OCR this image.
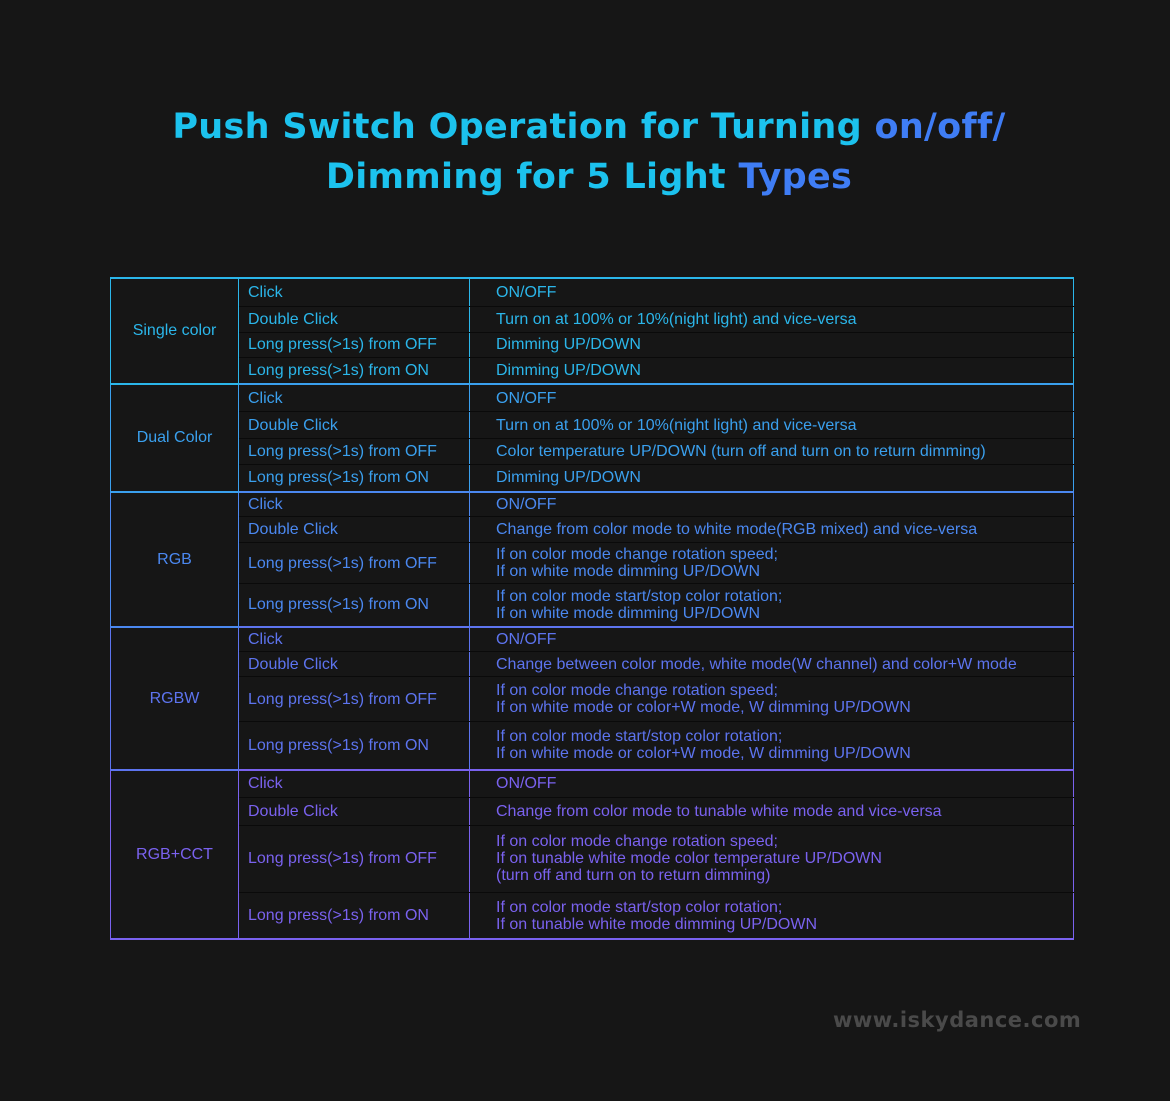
Push Switch Operation for Turning on/off/
Dimming for 5 Light Types
Single color	Click	ON/OFF

	Double Click	Turn on at 100% or 10%(night light) and vice-versa

	Long press(>1s) from OFF	Dimming UP/DOWN

	Long press(>1s) from ON	Dimming UP/DOWN

Dual Color	Click	ON/OFF

	Double Click	Turn on at 100% or 10%(night light) and vice-versa

	Long press(>1s) from OFF	Color temperature UP/DOWN (turn off and turn on to return dimming)

	Long press(>1s) from ON	Dimming UP/DOWN

RGB	Click	ON/OFF

	Double Click	Change from color mode to white mode(RGB mixed) and vice-versa

	Long press(>1s) from OFF	If on color mode change rotation speed;
If on white mode dimming UP/DOWN

	Long press(>1s) from ON	If on color mode start/stop color rotation;
If on white mode dimming UP/DOWN

RGBW	Click	ON/OFF

	Double Click	Change between color mode, white mode(W channel) and color+W mode

	Long press(>1s) from OFF	If on color mode change rotation speed;
If on white mode or color+W mode, W dimming UP/DOWN

	Long press(>1s) from ON	If on color mode start/stop color rotation;
If on white mode or color+W mode, W dimming UP/DOWN

RGB+CCT	Click	ON/OFF

	Double Click	Change from color mode to tunable white mode and vice-versa

	Long press(>1s) from OFF	If on color mode change rotation speed;
If on tunable white mode color temperature UP/DOWN
(turn off and turn on to return dimming)

	Long press(>1s) from ON	If on color mode start/stop color rotation;
If on tunable white mode dimming UP/DOWN
www.iskydance.com
